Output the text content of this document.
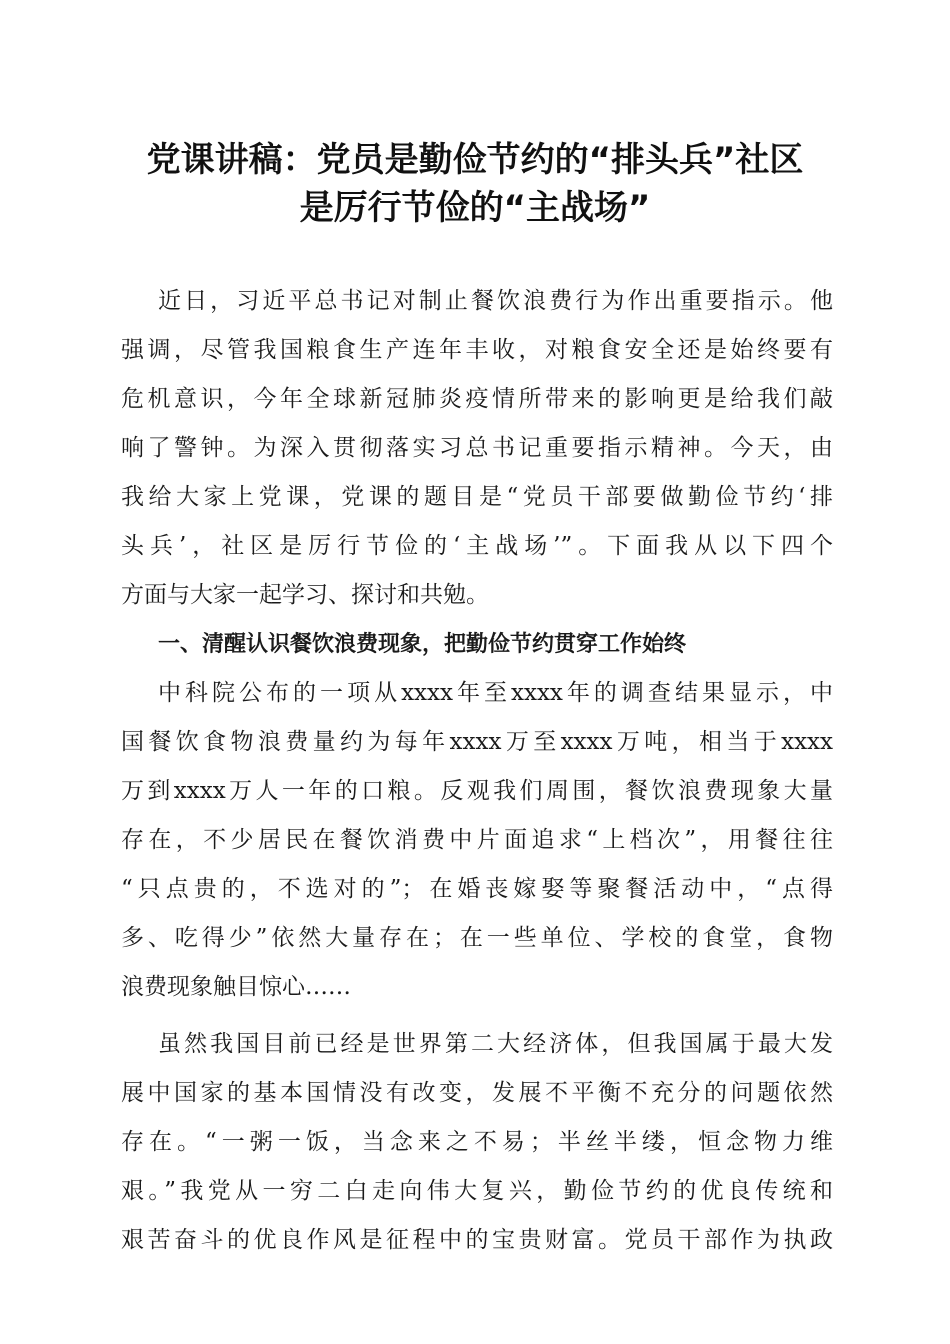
党课讲稿：党员是勤俭节约的“排头兵”社区
是厉行节俭的“主战场”
近日，习近平总书记对制止餐饮浪费行为作出重要指示。他
强调，尽管我国粮食生产连年丰收，对粮食安全还是始终要有
危机意识，今年全球新冠肺炎疫情所带来的影响更是给我们敲
响了警钟。为深入贯彻落实习总书记重要指示精神。今天，由
我给大家上党课，党课的题目是“党员干部要做勤俭节约‘排
头兵’，社区是厉行节俭的‘主战场’”。下面我从以下四个
方面与大家一起学习、探讨和共勉。
一、清醒认识餐饮浪费现象，把勤俭节约贯穿工作始终
中科院公布的一项从xxxx年至xxxx年的调查结果显示，中
国餐饮食物浪费量约为每年xxxx万至xxxx万吨，相当于xxxx
万到xxxx万人一年的口粮。反观我们周围，餐饮浪费现象大量
存在，不少居民在餐饮消费中片面追求“上档次”，用餐往往
“只点贵的，不选对的”；在婚丧嫁娶等聚餐活动中，“点得
多、吃得少”依然大量存在；在一些单位、学校的食堂，食物
浪费现象触目惊心……
虽然我国目前已经是世界第二大经济体，但我国属于最大发
展中国家的基本国情没有改变，发展不平衡不充分的问题依然
存在。“一粥一饭，当念来之不易；半丝半缕，恒念物力维
艰。”我党从一穷二白走向伟大复兴，勤俭节约的优良传统和
艰苦奋斗的优良作风是征程中的宝贵财富。党员干部作为执政
